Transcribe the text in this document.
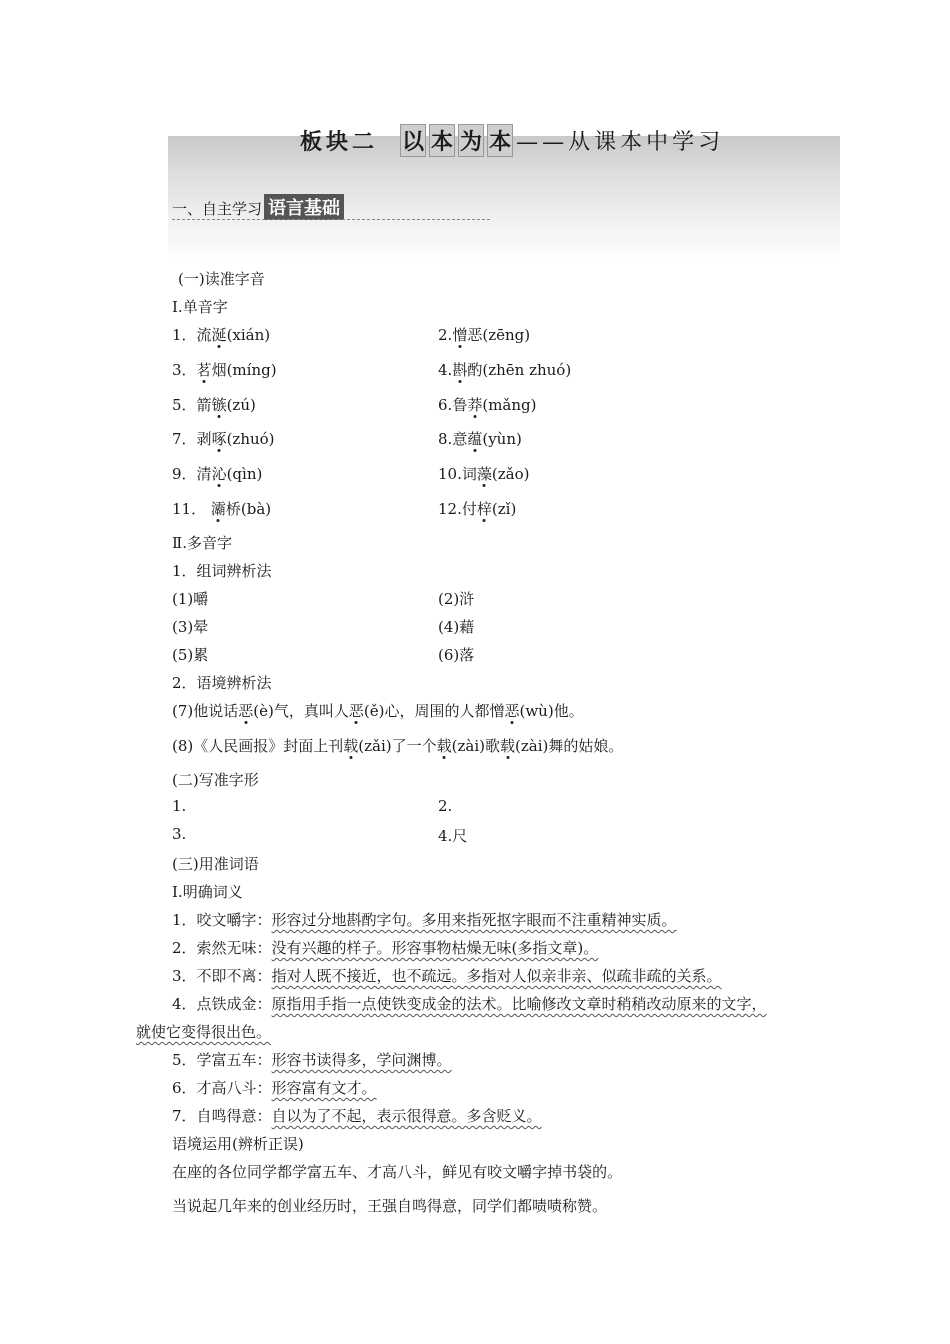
板块二 以 本 为 本 ——从课本中学习
一、自主学习 语言基础
(一)读准字音
Ⅰ.单音字
1．流涎(xián)	2.憎恶(zēng)
3．茗烟(míng)	4.斟酌(zhēn zhuó)
5．箭镞(zú)	6.鲁莽(mǎng)
7．剥啄(zhuó)	8.意蕴(yùn)
9．清沁(qìn)	10.词藻(zǎo)
11． 灞桥(bà)	12.付梓(zǐ)
Ⅱ.多音字
1．组词辨析法
(1)嚼	(2)浒
(3)晕	(4)藉
(5)累	(6)落
2．语境辨析法
(7)他说话恶(è)气，真叫人恶(ě)心，周围的人都憎恶(wù)他。
(8)《人民画报》封面上刊载(zǎi)了一个载(zài)歌载(zài)舞的姑娘。
(二)写准字形
1.	2.
3.	4.尺
(三)用准词语
Ⅰ.明确词义
1．咬文嚼字：形容过分地斟酌字句。多用来指死抠字眼而不注重精神实质。
2．索然无味：没有兴趣的样子。形容事物枯燥无味(多指文章)。
3．不即不离：指对人既不接近，也不疏远。多指对人似亲非亲、似疏非疏的关系。
4．点铁成金：原指用手指一点使铁变成金的法术。比喻修改文章时稍稍改动原来的文字，
就使它变得很出色。
5．学富五车：形容书读得多，学问渊博。
6．才高八斗：形容富有文才。
7．自鸣得意：自以为了不起，表示很得意。多含贬义。
语境运用(辨析正误)
在座的各位同学都学富五车、才高八斗，鲜见有咬文嚼字掉书袋的。
当说起几年来的创业经历时，王强自鸣得意，同学们都啧啧称赞。
